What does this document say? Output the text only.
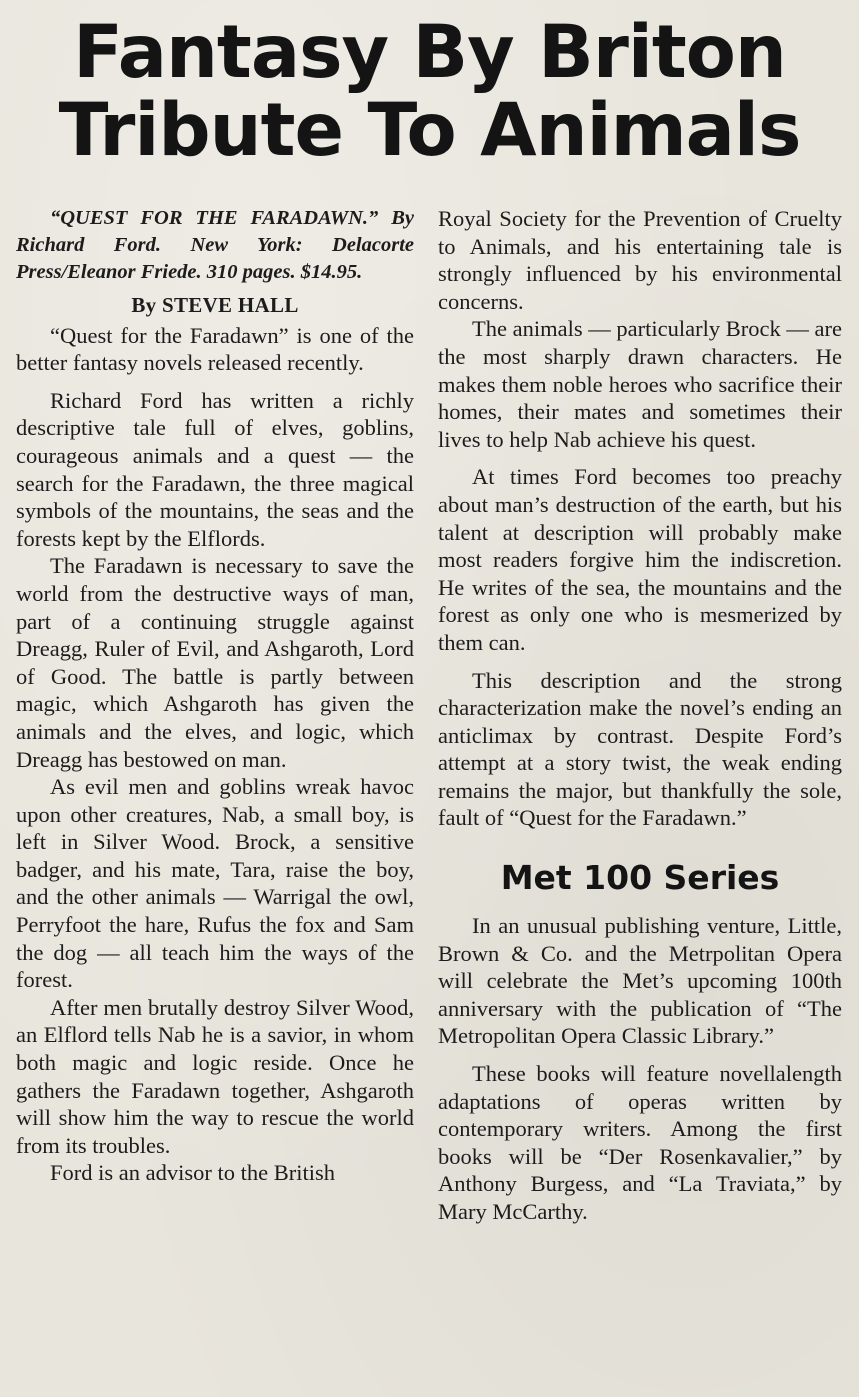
Fantasy By Briton
Tribute To Animals

“QUEST FOR THE FARADAWN.” By Richard Ford. New York: Delacorte Press/Eleanor Friede. 310 pages. $14.95.

By STEVE HALL

“Quest for the Faradawn” is one of the better fantasy novels released recently.

Richard Ford has written a richly descriptive tale full of elves, goblins, courageous animals and a quest — the search for the Faradawn, the three magical symbols of the mountains, the seas and the forests kept by the Elflords.

The Faradawn is necessary to save the world from the destructive ways of man, part of a continuing struggle against Dreagg, Ruler of Evil, and Ashgaroth, Lord of Good. The battle is partly between magic, which Ashgaroth has given the animals and the elves, and logic, which Dreagg has bestowed on man.

As evil men and goblins wreak havoc upon other creatures, Nab, a small boy, is left in Silver Wood. Brock, a sensitive badger, and his mate, Tara, raise the boy, and the other animals — Warrigal the owl, Perryfoot the hare, Rufus the fox and Sam the dog — all teach him the ways of the forest.

After men brutally destroy Silver Wood, an Elflord tells Nab he is a savior, in whom both magic and logic reside. Once he gathers the Faradawn together, Ashgaroth will show him the way to rescue the world from its troubles.

Ford is an advisor to the British

Royal Society for the Prevention of Cruelty to Animals, and his entertaining tale is strongly influenced by his environmental concerns.

The animals — particularly Brock — are the most sharply drawn characters. He makes them noble heroes who sacrifice their homes, their mates and sometimes their lives to help Nab achieve his quest.

At times Ford becomes too preachy about man’s destruction of the earth, but his talent at description will probably make most readers forgive him the indiscretion. He writes of the sea, the mountains and the forest as only one who is mesmerized by them can.

This description and the strong characterization make the novel’s ending an anticlimax by contrast. Despite Ford’s attempt at a story twist, the weak ending remains the major, but thankfully the sole, fault of “Quest for the Faradawn.”

Met 100 Series

In an unusual publishing venture, Little, Brown & Co. and the Metrpolitan Opera will celebrate the Met’s upcoming 100th anniversary with the publication of “The Metropolitan Opera Classic Library.”

These books will feature novellalength adaptations of operas written by contemporary writers. Among the first books will be “Der Rosenkavalier,” by Anthony Burgess, and “La Traviata,” by Mary McCarthy.
